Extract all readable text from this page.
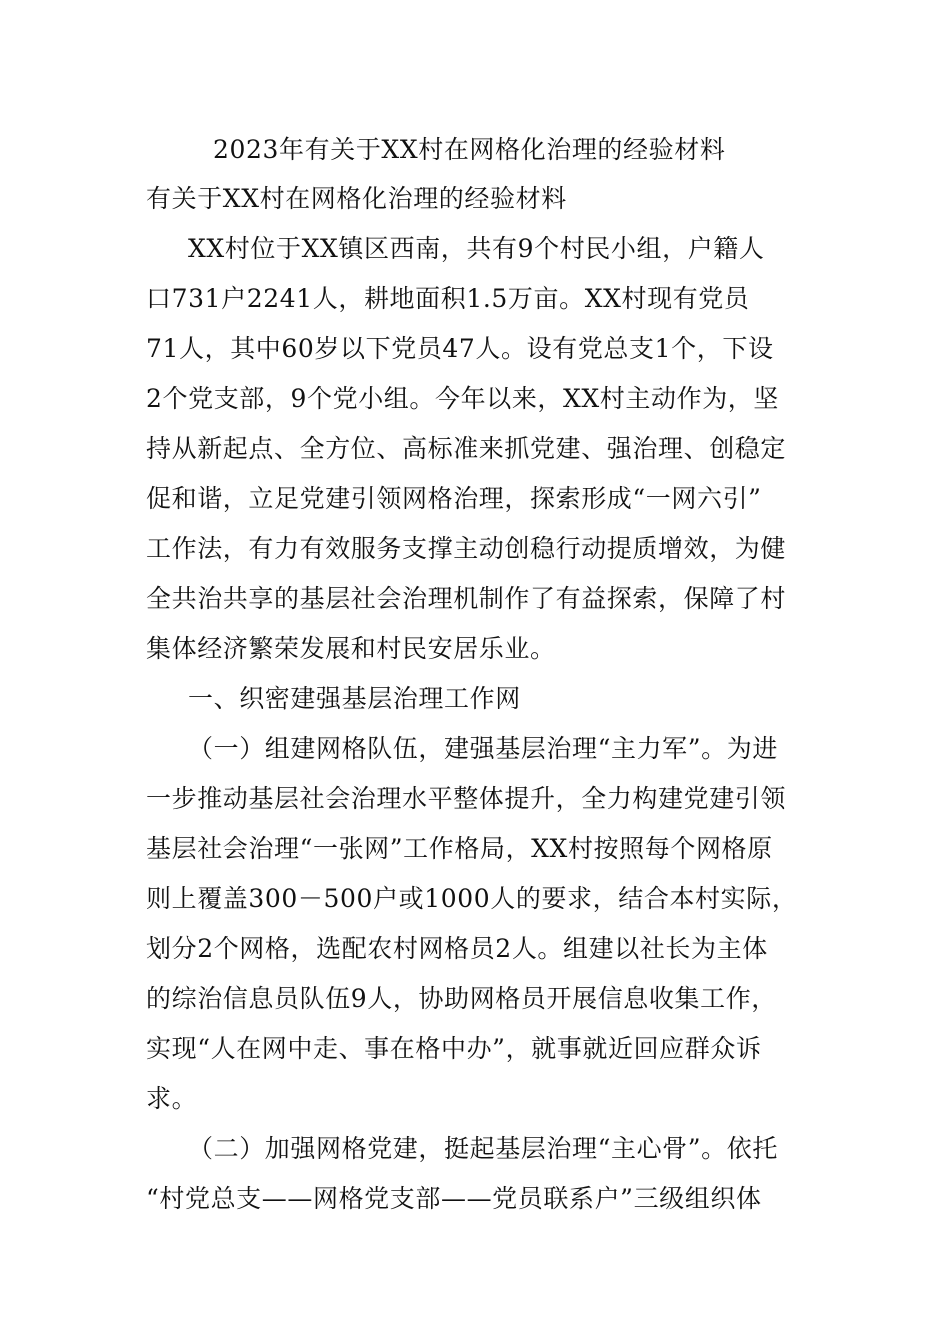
2023年有关于XX村在网格化治理的经验材料
有关于XX村在网格化治理的经验材料
XX村位于XX镇区西南，共有9个村民小组，户籍人
口731户2241人，耕地面积1.5万亩。XX村现有党员
71人，其中60岁以下党员47人。设有党总支1个，下设
2个党支部，9个党小组。今年以来，XX村主动作为，坚
持从新起点、全方位、高标准来抓党建、强治理、创稳定
促和谐，立足党建引领网格治理，探索形成“一网六引”
工作法，有力有效服务支撑主动创稳行动提质增效，为健
全共治共享的基层社会治理机制作了有益探索，保障了村
集体经济繁荣发展和村民安居乐业。
一、织密建强基层治理工作网
（一）组建网格队伍，建强基层治理“主力军”。为进
一步推动基层社会治理水平整体提升，全力构建党建引领
基层社会治理“一张网”工作格局，XX村按照每个网格原
则上覆盖300－500户或1000人的要求，结合本村实际，
划分2个网格，选配农村网格员2人。组建以社长为主体
的综治信息员队伍9人，协助网格员开展信息收集工作，
实现“人在网中走、事在格中办”，就事就近回应群众诉
求。
（二）加强网格党建，挺起基层治理“主心骨”。依托
“村党总支——网格党支部——党员联系户”三级组织体
